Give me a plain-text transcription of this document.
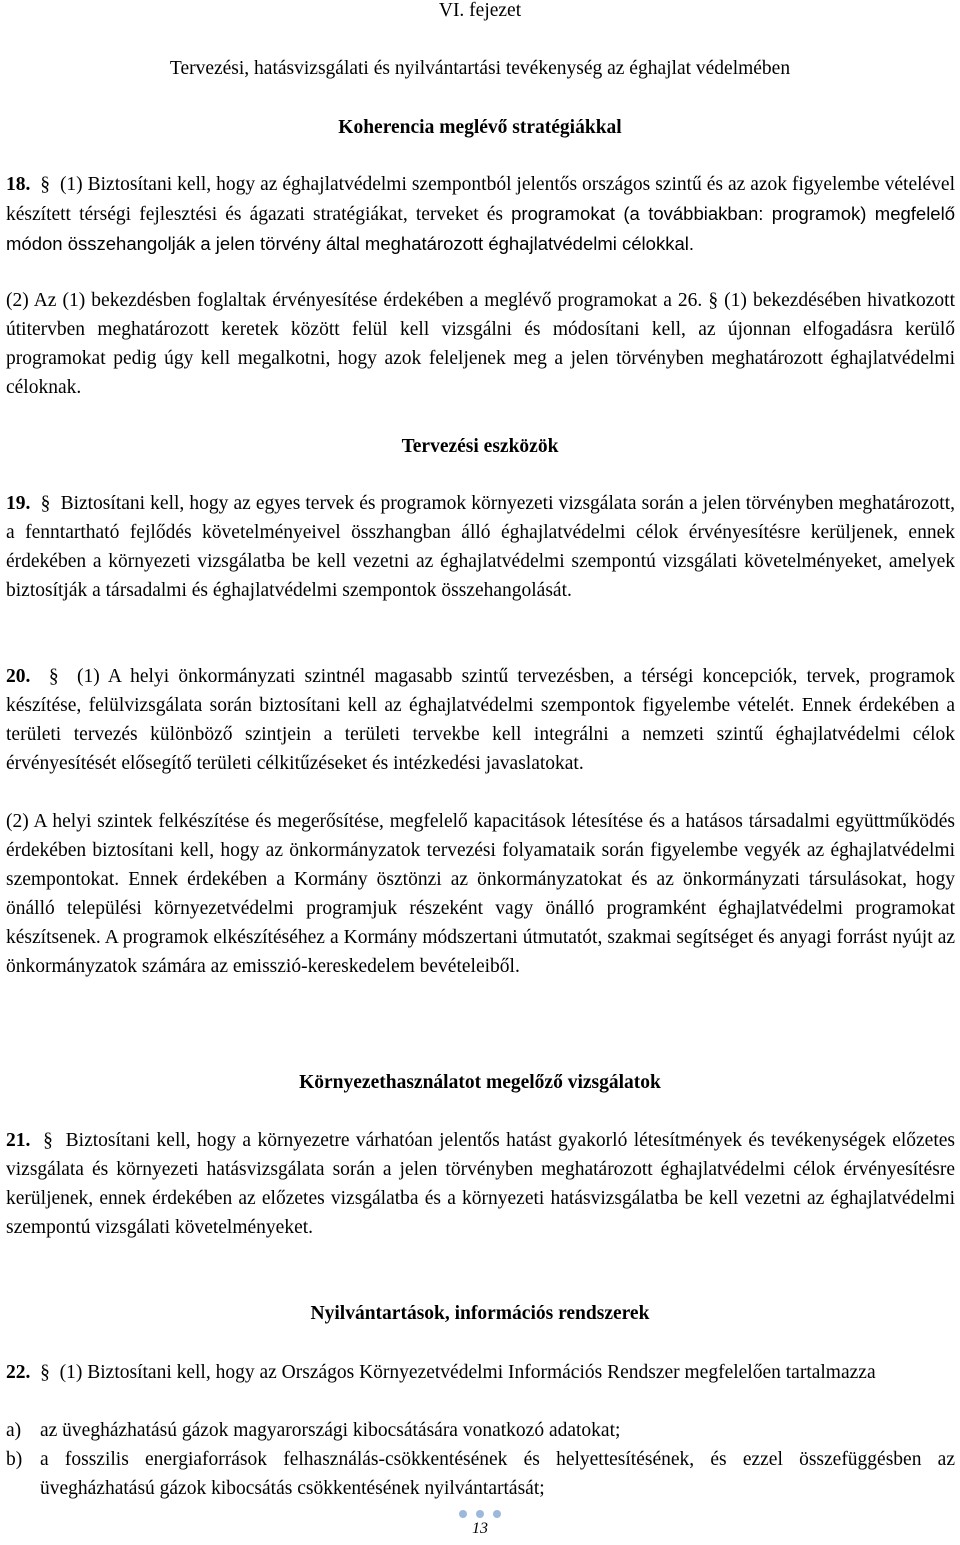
VI. fejezet
Tervezési, hatásvizsgálati és nyilvántartási tevékenység az éghajlat védelmében
Koherencia meglévő stratégiákkal
18. § (1) Biztosítani kell, hogy az éghajlatvédelmi szempontból jelentős országos szintű és az azok figyelembe vételével készített térségi fejlesztési és ágazati stratégiákat, terveket és programokat (a továbbiakban: programok) megfelelő módon összehangolják a jelen törvény által meghatározott éghajlatvédelmi célokkal.
(2) Az (1) bekezdésben foglaltak érvényesítése érdekében a meglévő programokat a 26. § (1) bekezdésében hivatkozott útitervben meghatározott keretek között felül kell vizsgálni és módosítani kell, az újonnan elfogadásra kerülő programokat pedig úgy kell megalkotni, hogy azok feleljenek meg a jelen törvényben meghatározott éghajlatvédelmi céloknak.
Tervezési eszközök
19. § Biztosítani kell, hogy az egyes tervek és programok környezeti vizsgálata során a jelen törvényben meghatározott, a fenntartható fejlődés követelményeivel összhangban álló éghajlatvédelmi célok érvényesítésre kerüljenek, ennek érdekében a környezeti vizsgálatba be kell vezetni az éghajlatvédelmi szempontú vizsgálati követelményeket, amelyek biztosítják a társadalmi és éghajlatvédelmi szempontok összehangolását.
20. § (1) A helyi önkormányzati szintnél magasabb szintű tervezésben, a térségi koncepciók, tervek, programok készítése, felülvizsgálata során biztosítani kell az éghajlatvédelmi szempontok figyelembe vételét. Ennek érdekében a területi tervezés különböző szintjein a területi tervekbe kell integrálni a nemzeti szintű éghajlatvédelmi célok érvényesítését elősegítő területi célkitűzéseket és intézkedési javaslatokat.
(2) A helyi szintek felkészítése és megerősítése, megfelelő kapacitások létesítése és a hatásos társadalmi együttműködés érdekében biztosítani kell, hogy az önkormányzatok tervezési folyamataik során figyelembe vegyék az éghajlatvédelmi szempontokat. Ennek érdekében a Kormány ösztönzi az önkormányzatokat és az önkormányzati társulásokat, hogy önálló települési környezetvédelmi programjuk részeként vagy önálló programként éghajlatvédelmi programokat készítsenek. A programok elkészítéséhez a Kormány módszertani útmutatót, szakmai segítséget és anyagi forrást nyújt az önkormányzatok számára az emisszió-kereskedelem bevételeiből.
Környezethasználatot megelőző vizsgálatok
21. § Biztosítani kell, hogy a környezetre várhatóan jelentős hatást gyakorló létesítmények és tevékenységek előzetes vizsgálata és környezeti hatásvizsgálata során a jelen törvényben meghatározott éghajlatvédelmi célok érvényesítésre kerüljenek, ennek érdekében az előzetes vizsgálatba és a környezeti hatásvizsgálatba be kell vezetni az éghajlatvédelmi szempontú vizsgálati követelményeket.
Nyilvántartások, információs rendszerek
22. § (1) Biztosítani kell, hogy az Országos Környezetvédelmi Információs Rendszer megfelelően tartalmazza
a) az üvegházhatású gázok magyarországi kibocsátására vonatkozó adatokat;
b) a fosszilis energiaforrások felhasználás-csökkentésének és helyettesítésének, és ezzel összefüggésben az üvegházhatású gázok kibocsátás csökkentésének nyilvántartását;
13
